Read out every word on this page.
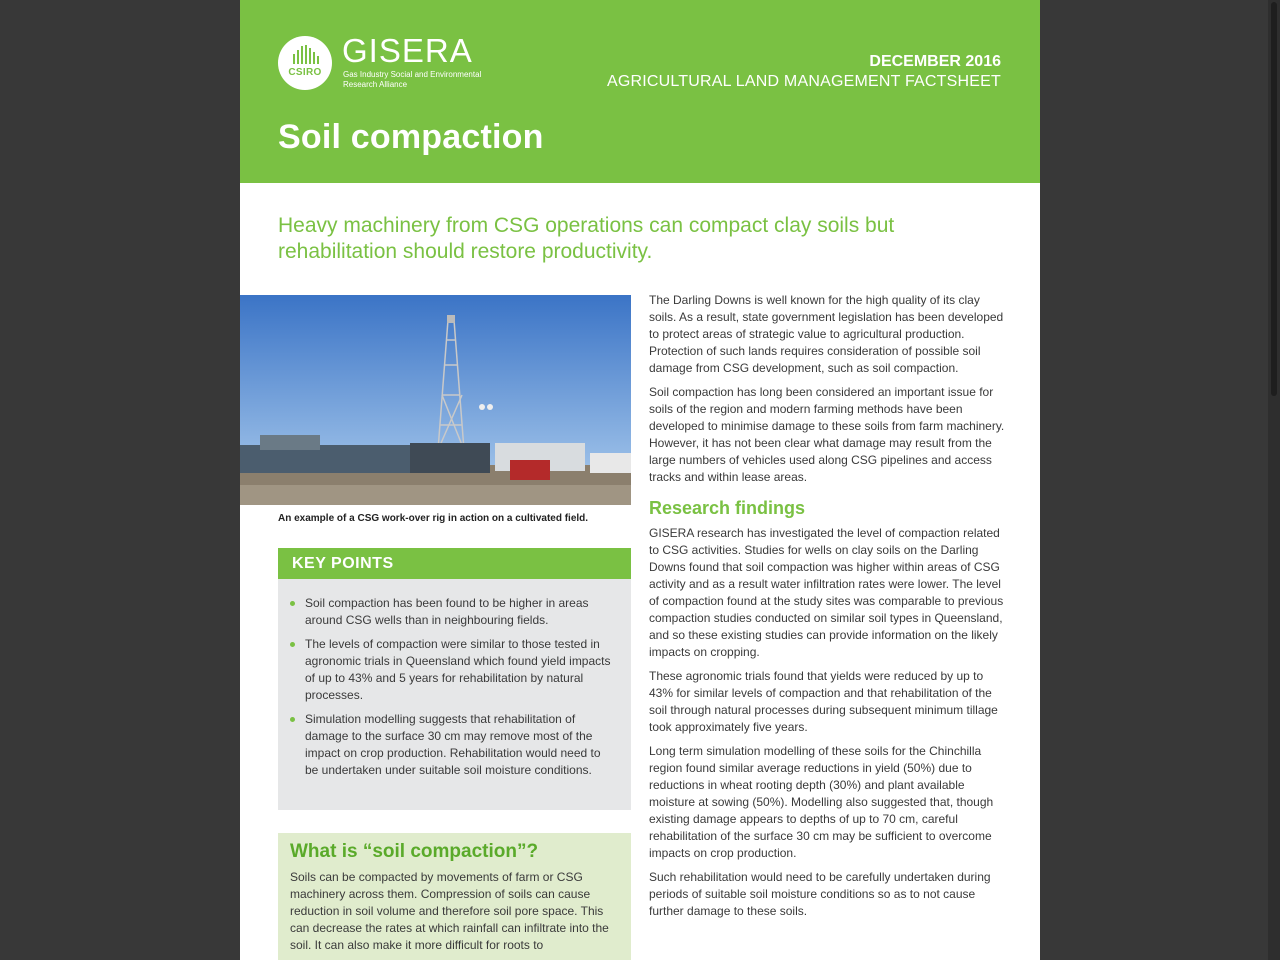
CSIRO
GISERA
Gas Industry Social and Environmental Research Alliance
DECEMBER 2016
AGRICULTURAL LAND MANAGEMENT FACTSHEET
Soil compaction

Heavy machinery from CSG operations can compact clay soils but rehabilitation should restore productivity.

An example of a CSG work-over rig in action on a cultivated field.
KEY POINTS
Soil compaction has been found to be higher in areas around CSG wells than in neighbouring fields.
The levels of compaction were similar to those tested in agronomic trials in Queensland which found yield impacts of up to 43% and 5 years for rehabilitation by natural processes.
Simulation modelling suggests that rehabilitation of damage to the surface 30 cm may remove most of the impact on crop production. Rehabilitation would need to be undertaken under suitable soil moisture conditions.
What is “soil compaction”?

Soils can be compacted by movements of farm or CSG machinery across them. Compression of soils can cause reduction in soil volume and therefore soil pore space. This can decrease the rates at which rainfall can infiltrate into the soil. It can also make it more difficult for roots to

The Darling Downs is well known for the high quality of its clay soils. As a result, state government legislation has been developed to protect areas of strategic value to agricultural production. Protection of such lands requires consideration of possible soil damage from CSG development, such as soil compaction.

Soil compaction has long been considered an important issue for soils of the region and modern farming methods have been developed to minimise damage to these soils from farm machinery. However, it has not been clear what damage may result from the large numbers of vehicles used along CSG pipelines and access tracks and within lease areas.

Research findings

GISERA research has investigated the level of compaction related to CSG activities. Studies for wells on clay soils on the Darling Downs found that soil compaction was higher within areas of CSG activity and as a result water infiltration rates were lower. The level of compaction found at the study sites was comparable to previous compaction studies conducted on similar soil types in Queensland, and so these existing studies can provide information on the likely impacts on cropping.

These agronomic trials found that yields were reduced by up to 43% for similar levels of compaction and that rehabilitation of the soil through natural processes during subsequent minimum tillage took approximately five years.

Long term simulation modelling of these soils for the Chinchilla region found similar average reductions in yield (50%) due to reductions in wheat rooting depth (30%) and plant available moisture at sowing (50%). Modelling also suggested that, though existing damage appears to depths of up to 70 cm, careful rehabilitation of the surface 30 cm may be sufficient to overcome impacts on crop production.

Such rehabilitation would need to be carefully undertaken during periods of suitable soil moisture conditions so as to not cause further damage to these soils.
